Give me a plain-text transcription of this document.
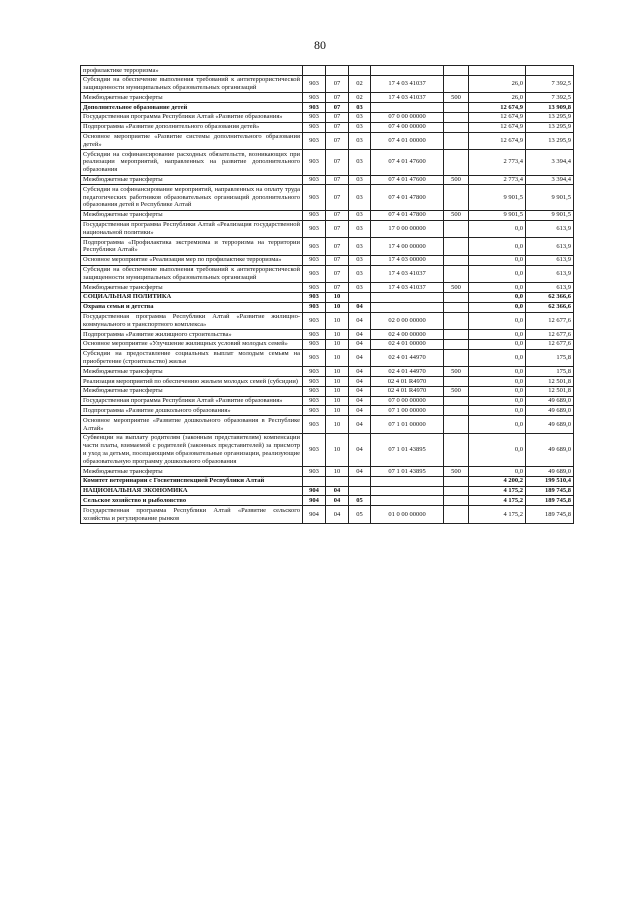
80
профилактике терроризма»							
Субсидии на обеспечение выполнения требований к антитеррористической защищенности муниципальных образовательных организаций	903	07	02	17 4 03 41037		26,0	7 392,5
Межбюджетные трансферты	903	07	02	17 4 03 41037	500	26,0	7 392,5
Дополнительное образование детей	903	07	03			12 674,9	13 909,8
Государственная программа Республики Алтай «Развитие образования»	903	07	03	07 0 00 00000		12 674,9	13 295,9
Подпрограмма «Развитие дополнительного образования детей»	903	07	03	07 4 00 00000		12 674,9	13 295,9
Основное мероприятие «Развитие системы дополнительного образования детей»	903	07	03	07 4 01 00000		12 674,9	13 295,9
Субсидии на софинансирование расходных обязательств, возникающих при реализации мероприятий, направленных на развитие дополнительного образования	903	07	03	07 4 01 47600		2 773,4	3 394,4
Межбюджетные трансферты	903	07	03	07 4 01 47600	500	2 773,4	3 394,4
Субсидии на софинансирование мероприятий, направленных на оплату труда педагогических работников образовательных организаций дополнительного образования детей в Республике Алтай	903	07	03	07 4 01 47800		9 901,5	9 901,5
Межбюджетные трансферты	903	07	03	07 4 01 47800	500	9 901,5	9 901,5
Государственная программа Республики Алтай «Реализация государственной национальной политики»	903	07	03	17 0 00 00000		0,0	613,9
Подпрограмма «Профилактика экстремизма и терроризма на территории Республики Алтай»	903	07	03	17 4 00 00000		0,0	613,9
Основное мероприятие «Реализация мер по профилактике терроризма»	903	07	03	17 4 03 00000		0,0	613,9
Субсидии на обеспечение выполнения требований к антитеррористической защищенности муниципальных образовательных организаций	903	07	03	17 4 03 41037		0,0	613,9
Межбюджетные трансферты	903	07	03	17 4 03 41037	500	0,0	613,9
СОЦИАЛЬНАЯ ПОЛИТИКА	903	10				0,0	62 366,6
Охрана семьи и детства	903	10	04			0,0	62 366,6
Государственная программа Республики Алтай «Развитие жилищно-коммунального и транспортного комплекса»	903	10	04	02 0 00 00000		0,0	12 677,6
Подпрограмма «Развитие жилищного строительства»	903	10	04	02 4 00 00000		0,0	12 677,6
Основное мероприятие «Улучшение жилищных условий молодых семей»	903	10	04	02 4 01 00000		0,0	12 677,6
Субсидии на предоставление социальных выплат молодым семьям на приобретение (строительство) жилья	903	10	04	02 4 01 44970		0,0	175,8
Межбюджетные трансферты	903	10	04	02 4 01 44970	500	0,0	175,8
Реализация мероприятий по обеспечению жильем молодых семей (субсидии)	903	10	04	02 4 01 R4970		0,0	12 501,8
Межбюджетные трансферты	903	10	04	02 4 01 R4970	500	0,0	12 501,8
Государственная программа Республики Алтай «Развитие образования»	903	10	04	07 0 00 00000		0,0	49 689,0
Подпрограмма «Развитие дошкольного образования»	903	10	04	07 1 00 00000		0,0	49 689,0
Основное мероприятие «Развитие дошкольного образования в Республике Алтай»	903	10	04	07 1 01 00000		0,0	49 689,0
Субвенции на выплату родителям (законным представителям) компенсации части платы, взимаемой с родителей (законных представителей) за присмотр и уход за детьми, посещающими образовательные организации, реализующие образовательную программу дошкольного образования	903	10	04	07 1 01 43895		0,0	49 689,0
Межбюджетные трансферты	903	10	04	07 1 01 43895	500	0,0	49 689,0
Комитет ветеринарии с Госветинспекцией Республики Алтай						4 200,2	199 510,4
НАЦИОНАЛЬНАЯ ЭКОНОМИКА	904	04				4 175,2	189 745,8
Сельское хозяйство и рыболовство	904	04	05			4 175,2	189 745,8
Государственная программа Республики Алтай «Развитие сельского хозяйства и регулирование рынков	904	04	05	01 0 00 00000		4 175,2	189 745,8
